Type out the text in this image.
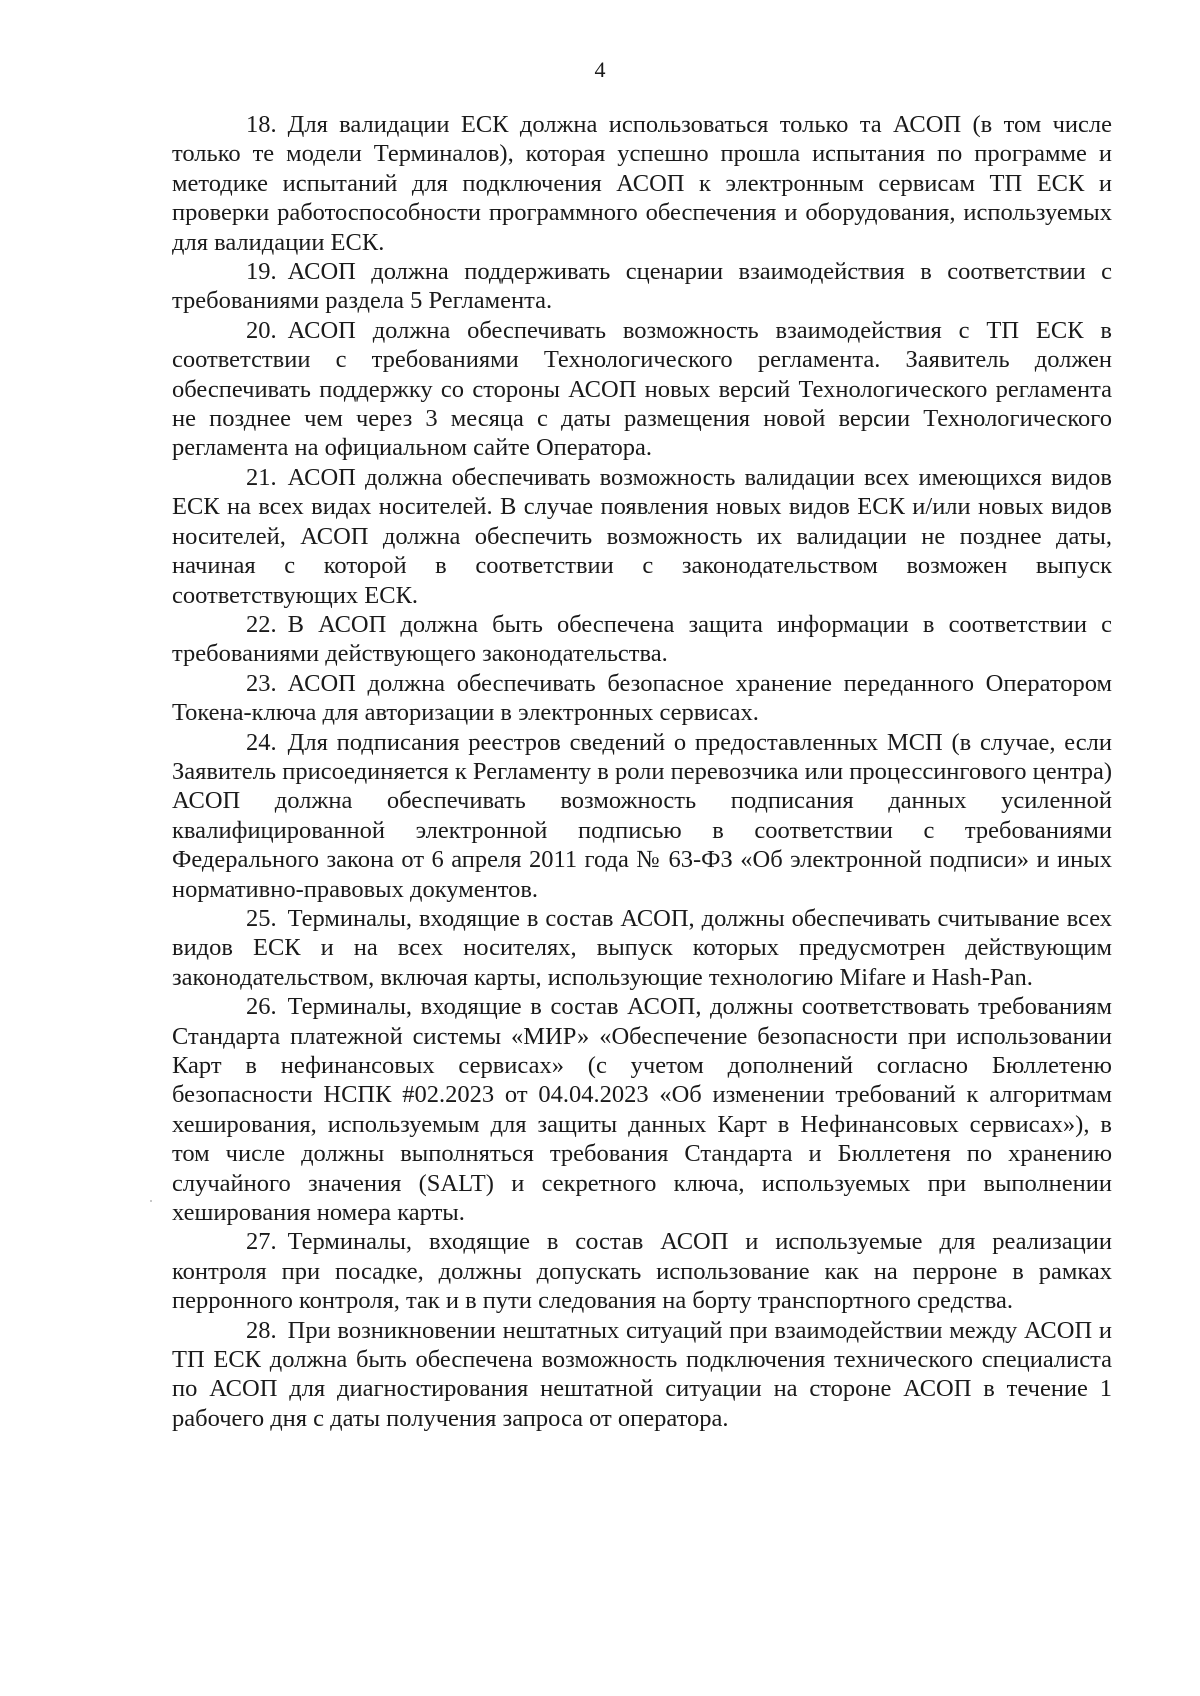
4

18. Для валидации ЕСК должна использоваться только та АСОП (в том числе только те модели Терминалов), которая успешно прошла испытания по программе и методике испытаний для подключения АСОП к электронным сервисам ТП ЕСК и проверки работоспособности программного обеспечения и оборудования, используемых для валидации ЕСК.

19. АСОП должна поддерживать сценарии взаимодействия в соответствии с требованиями раздела 5 Регламента.

20. АСОП должна обеспечивать возможность взаимодействия с ТП ЕСК в соответствии с требованиями Технологического регламента. Заявитель должен обеспечивать поддержку со стороны АСОП новых версий Технологического регламента не позднее чем через 3 месяца с даты размещения новой версии Технологического регламента на официальном сайте Оператора.

21. АСОП должна обеспечивать возможность валидации всех имеющихся видов ЕСК на всех видах носителей. В случае появления новых видов ЕСК и/или новых видов носителей, АСОП должна обеспечить возможность их валидации не позднее даты, начиная с которой в соответствии с законодательством возможен выпуск соответствующих ЕСК.

22. В АСОП должна быть обеспечена защита информации в соответствии с требованиями действующего законодательства.

23. АСОП должна обеспечивать безопасное хранение переданного Оператором Токена-ключа для авторизации в электронных сервисах.

24. Для подписания реестров сведений о предоставленных МСП (в случае, если Заявитель присоединяется к Регламенту в роли перевозчика или процессингового центра) АСОП должна обеспечивать возможность подписания данных усиленной квалифицированной электронной подписью в соответствии с требованиями Федерального закона от 6 апреля 2011 года № 63-ФЗ «Об электронной подписи» и иных нормативно-правовых документов.

25. Терминалы, входящие в состав АСОП, должны обеспечивать считывание всех видов ЕСК и на всех носителях, выпуск которых предусмотрен действующим законодательством, включая карты, использующие технологию Mifare и Hash-Pan.

26. Терминалы, входящие в состав АСОП, должны соответствовать требованиям Стандарта платежной системы «МИР» «Обеспечение безопасности при использовании Карт в нефинансовых сервисах» (с учетом дополнений согласно Бюллетеню безопасности НСПК #02.2023 от 04.04.2023 «Об изменении требований к алгоритмам хеширования, используемым для защиты данных Карт в Нефинансовых сервисах»), в том числе должны выполняться требования Стандарта и Бюллетеня по хранению случайного значения (SALT) и секретного ключа, используемых при выполнении хеширования номера карты.

27. Терминалы, входящие в состав АСОП и используемые для реализации контроля при посадке, должны допускать использование как на перроне в рамках перронного контроля, так и в пути следования на борту транспортного средства.

28. При возникновении нештатных ситуаций при взаимодействии между АСОП и ТП ЕСК должна быть обеспечена возможность подключения технического специалиста по АСОП для диагностирования нештатной ситуации на стороне АСОП в течение 1 рабочего дня с даты получения запроса от оператора.
